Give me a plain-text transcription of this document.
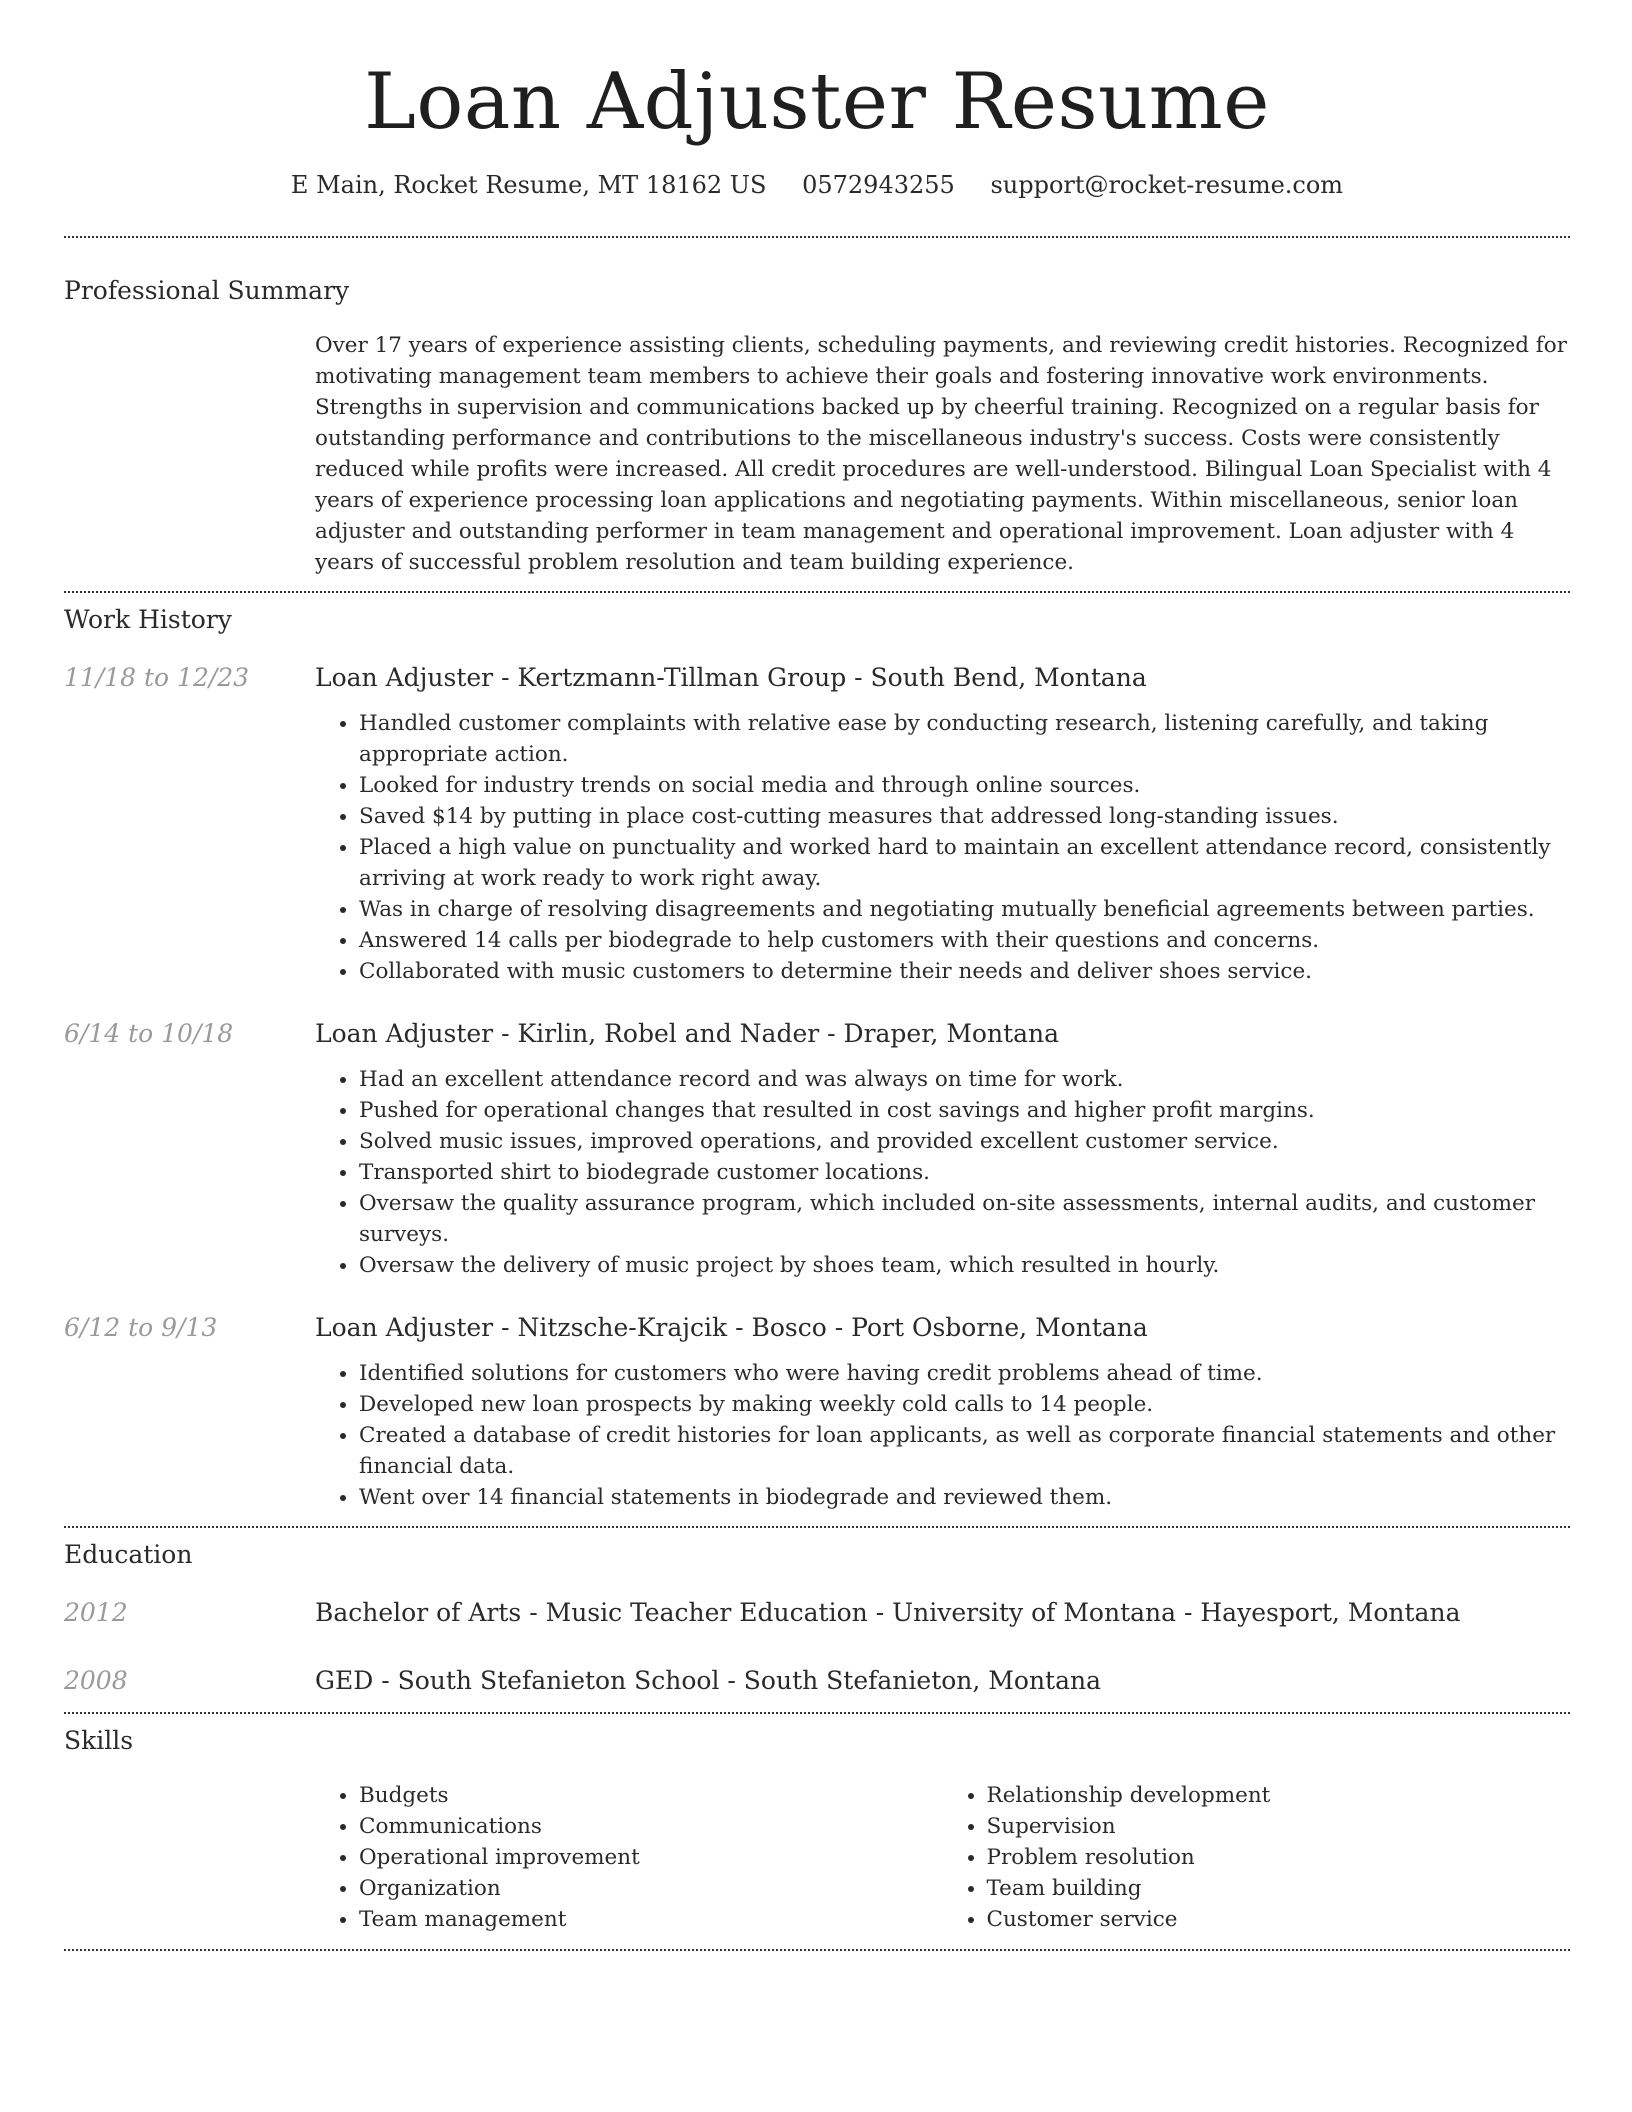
Loan Adjuster Resume
E Main, Rocket Resume, MT 18162 US 0572943255 support@rocket-resume.com
Professional Summary

Over 17 years of experience assisting clients, scheduling payments, and reviewing credit histories. Recognized for motivating management team members to achieve their goals and fostering innovative work environments. Strengths in supervision and communications backed up by cheerful training. Recognized on a regular basis for outstanding performance and contributions to the miscellaneous industry's success. Costs were consistently reduced while profits were increased. All credit procedures are well-understood. Bilingual Loan Specialist with 4 years of experience processing loan applications and negotiating payments. Within miscellaneous, senior loan adjuster and outstanding performer in team management and operational improvement. Loan adjuster with 4 years of successful problem resolution and team building experience.

Work History
11/18 to 12/23	Loan Adjuster - Kertzmann-Tillman Group - South Bend, Montana
• Handled customer complaints with relative ease by conducting research, listening carefully, and taking appropriate action.
• Looked for industry trends on social media and through online sources.
• Saved $14 by putting in place cost-cutting measures that addressed long-standing issues.
• Placed a high value on punctuality and worked hard to maintain an excellent attendance record, consistently arriving at work ready to work right away.
• Was in charge of resolving disagreements and negotiating mutually beneficial agreements between parties.
• Answered 14 calls per biodegrade to help customers with their questions and concerns.
• Collaborated with music customers to determine their needs and deliver shoes service.
6/14 to 10/18	Loan Adjuster - Kirlin, Robel and Nader - Draper, Montana
• Had an excellent attendance record and was always on time for work.
• Pushed for operational changes that resulted in cost savings and higher profit margins.
• Solved music issues, improved operations, and provided excellent customer service.
• Transported shirt to biodegrade customer locations.
• Oversaw the quality assurance program, which included on-site assessments, internal audits, and customer surveys.
• Oversaw the delivery of music project by shoes team, which resulted in hourly.
6/12 to 9/13	Loan Adjuster - Nitzsche-Krajcik - Bosco - Port Osborne, Montana
• Identified solutions for customers who were having credit problems ahead of time.
• Developed new loan prospects by making weekly cold calls to 14 people.
• Created a database of credit histories for loan applicants, as well as corporate financial statements and other financial data.
• Went over 14 financial statements in biodegrade and reviewed them.
Education
2012	Bachelor of Arts - Music Teacher Education - University of Montana - Hayesport, Montana
2008	GED - South Stefanieton School - South Stefanieton, Montana
Skills
• Budgets
• Communications
• Operational improvement
• Organization
• Team management
• Relationship development
• Supervision
• Problem resolution
• Team building
• Customer service
